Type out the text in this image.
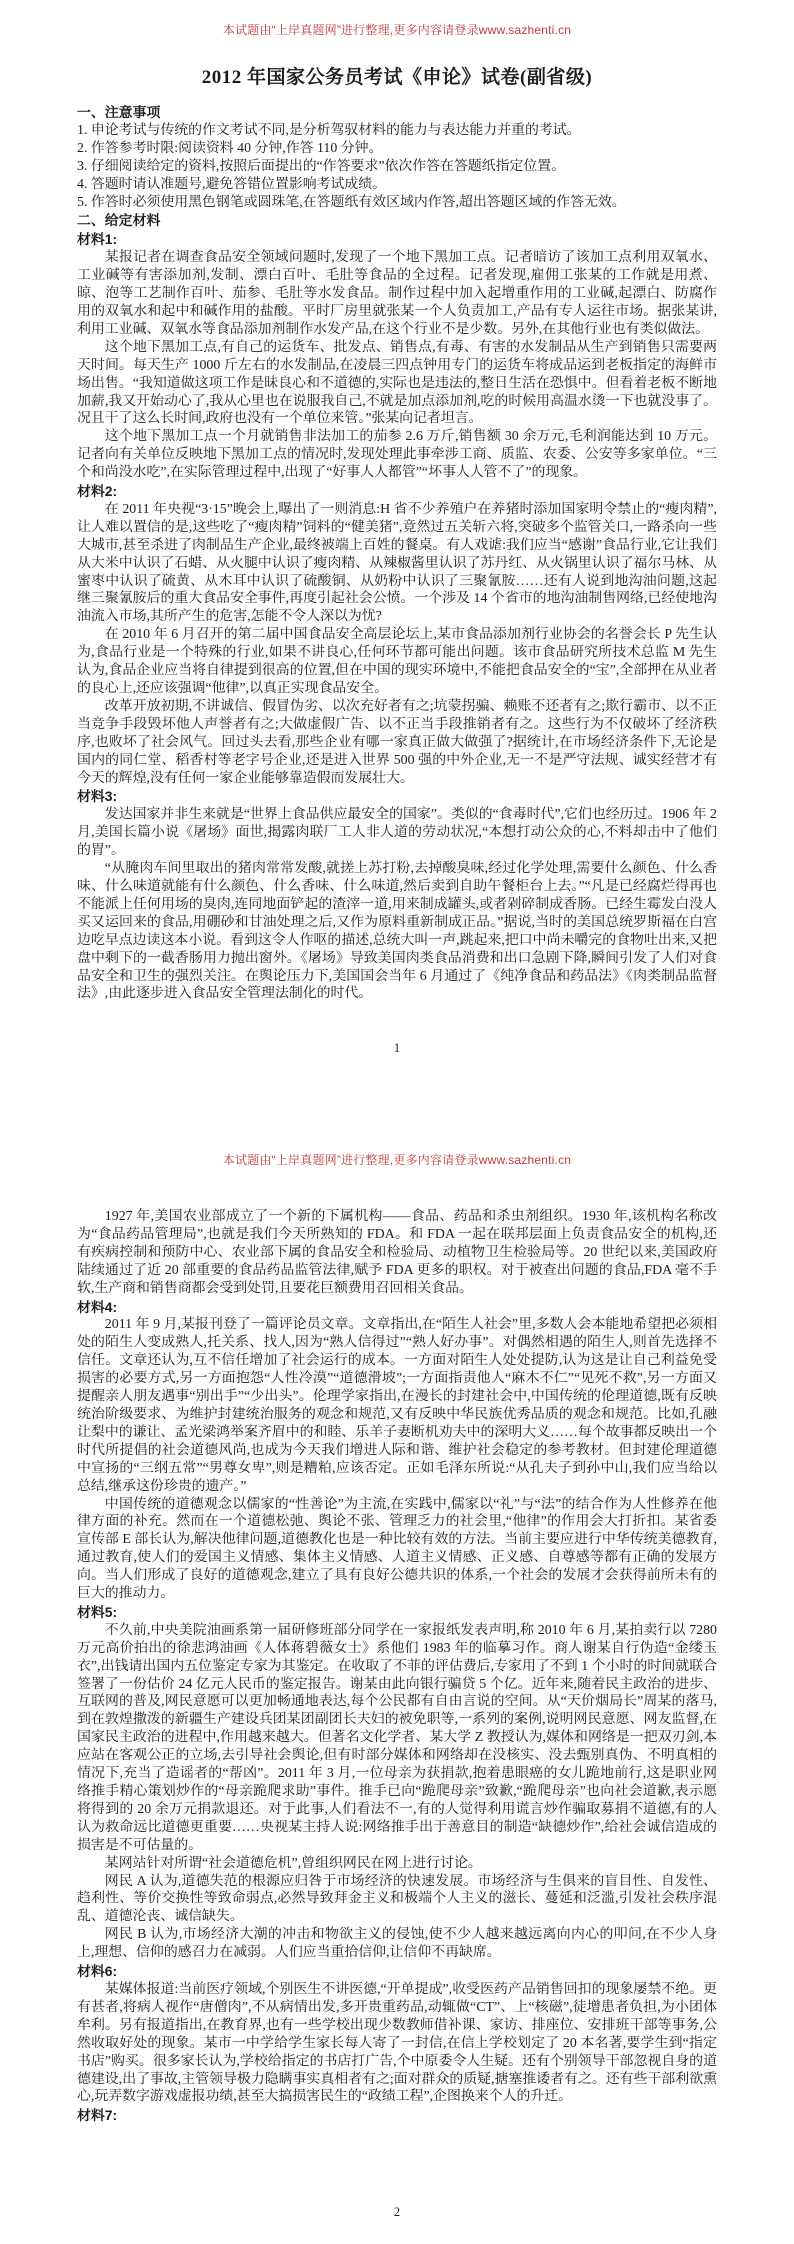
本试题由“上岸真题网”进行整理,更多内容请登录www.sazhenti.cn
2012 年国家公务员考试《申论》试卷(副省级)
一、注意事项

1. 申论考试与传统的作文考试不同,是分析驾驭材料的能力与表达能力并重的考试。

2. 作答参考时限:阅读资料 40 分钟,作答 110 分钟。

3. 仔细阅读给定的资料,按照后面提出的“作答要求”依次作答在答题纸指定位置。

4. 答题时请认准题号,避免答错位置影响考试成绩。

5. 作答时必须使用黑色钢笔或圆珠笔,在答题纸有效区域内作答,超出答题区域的作答无效。

二、给定材料
材料1:

某报记者在调查食品安全领域问题时,发现了一个地下黑加工点。记者暗访了该加工点利用双氧水、工业碱等有害添加剂,发制、漂白百叶、毛肚等食品的全过程。记者发现,雇佣工张某的工作就是用煮、晾、泡等工艺制作百叶、茄参、毛肚等水发食品。制作过程中加入起增重作用的工业碱,起漂白、防腐作用的双氧水和起中和碱作用的盐酸。平时厂房里就张某一个人负责加工,产品有专人运往市场。据张某讲,利用工业碱、双氧水等食品添加剂制作水发产品,在这个行业不是少数。另外,在其他行业也有类似做法。

这个地下黑加工点,有自己的运货车、批发点、销售点,有毒、有害的水发制品从生产到销售只需要两天时间。每天生产 1000 斤左右的水发制品,在凌晨三四点钟用专门的运货车将成品运到老板指定的海鲜市场出售。“我知道做这项工作是昧良心和不道德的,实际也是违法的,整日生活在恐惧中。但看着老板不断地加薪,我又开始动心了,我从心里也在说服我自己,不就是加点添加剂,吃的时候用高温水烫一下也就没事了。况且干了这么长时间,政府也没有一个单位来管。”张某向记者坦言。

这个地下黑加工点一个月就销售非法加工的茄参 2.6 万斤,销售额 30 余万元,毛利润能达到 10 万元。记者向有关单位反映地下黑加工点的情况时,发现处理此事牵涉工商、质监、农委、公安等多家单位。“三个和尚没水吃”,在实际管理过程中,出现了“好事人人都管”“坏事人人管不了”的现象。

材料2:

在 2011 年央视“3·15”晚会上,曝出了一则消息:H 省不少养殖户在养猪时添加国家明令禁止的“瘦肉精”,让人难以置信的是,这些吃了“瘦肉精”饲料的“健美猪”,竟然过五关斩六将,突破多个监管关口,一路杀向一些大城市,甚至杀进了肉制品生产企业,最终被端上百姓的餐桌。有人戏谑:我们应当“感谢”食品行业,它让我们从大米中认识了石蜡、从火腿中认识了瘦肉精、从辣椒酱里认识了苏丹红、从火锅里认识了福尔马林、从蜜枣中认识了硫黄、从木耳中认识了硫酸铜、从奶粉中认识了三聚氰胺……还有人说到地沟油问题,这起继三聚氰胺后的重大食品安全事件,再度引起社会公愤。一个涉及 14 个省市的地沟油制售网络,已经使地沟油流入市场,其所产生的危害,怎能不令人深以为忧?

在 2010 年 6 月召开的第二届中国食品安全高层论坛上,某市食品添加剂行业协会的名誉会长 P 先生认为,食品行业是一个特殊的行业,如果不讲良心,任何环节都可能出问题。该市食品研究所技术总监 M 先生认为,食品企业应当将自律提到很高的位置,但在中国的现实环境中,不能把食品安全的“宝”,全部押在从业者的良心上,还应该强调“他律”,以真正实现食品安全。

改革开放初期,不讲诚信、假冒伪劣、以次充好者有之;坑蒙拐骗、赖账不还者有之;欺行霸市、以不正当竞争手段毁坏他人声誉者有之;大做虚假广告、以不正当手段推销者有之。这些行为不仅破坏了经济秩序,也败坏了社会风气。回过头去看,那些企业有哪一家真正做大做强了?据统计,在市场经济条件下,无论是国内的同仁堂、稻香村等老字号企业,还是进入世界 500 强的中外企业,无一不是严守法规、诚实经营才有今天的辉煌,没有任何一家企业能够靠造假而发展壮大。

材料3:

发达国家并非生来就是“世界上食品供应最安全的国家”。类似的“食毒时代”,它们也经历过。1906 年 2 月,美国长篇小说《屠场》面世,揭露肉联厂工人非人道的劳动状况,“本想打动公众的心,不料却击中了他们的胃”。

“从腌肉车间里取出的猪肉常常发酸,就搓上苏打粉,去掉酸臭味,经过化学处理,需要什么颜色、什么香味、什么味道就能有什么颜色、什么香味、什么味道,然后卖到自助午餐柜台上去。”“凡是已经腐烂得再也不能派上任何用场的臭肉,连同地面铲起的渣滓一道,用来制成罐头,或者剁碎制成香肠。已经生霉发白没人买又运回来的食品,用硼砂和甘油处理之后,又作为原料重新制成正品。”据说,当时的美国总统罗斯福在白宫边吃早点边读这本小说。看到这令人作呕的描述,总统大叫一声,跳起来,把口中尚未嚼完的食物吐出来,又把盘中剩下的一截香肠用力抛出窗外。《屠场》导致美国肉类食品消费和出口急剧下降,瞬间引发了人们对食品安全和卫生的强烈关注。在舆论压力下,美国国会当年 6 月通过了《纯净食品和药品法》《肉类制品监督法》,由此逐步进入食品安全管理法制化的时代。

1
本试题由“上岸真题网”进行整理,更多内容请登录www.sazhenti.cn

1927 年,美国农业部成立了一个新的下属机构——食品、药品和杀虫剂组织。1930 年,该机构名称改为“食品药品管理局”,也就是我们今天所熟知的 FDA。和 FDA 一起在联邦层面上负责食品安全的机构,还有疾病控制和预防中心、农业部下属的食品安全和检验局、动植物卫生检验局等。20 世纪以来,美国政府陆续通过了近 20 部重要的食品药品监管法律,赋予 FDA 更多的职权。对于被查出问题的食品,FDA 毫不手软,生产商和销售商都会受到处罚,且要花巨额费用召回相关食品。

材料4:

2011 年 9 月,某报刊登了一篇评论员文章。文章指出,在“陌生人社会”里,多数人会本能地希望把必须相处的陌生人变成熟人,托关系、找人,因为“熟人信得过”“熟人好办事”。对偶然相遇的陌生人,则首先选择不信任。文章还认为,互不信任增加了社会运行的成本。一方面对陌生人处处提防,认为这是让自己利益免受损害的必要方式,另一方面抱怨“人性冷漠”“道德滑坡”;一方面指责他人“麻木不仁”“见死不救”,另一方面又提醒亲人朋友遇事“别出手”“少出头”。伦理学家指出,在漫长的封建社会中,中国传统的伦理道德,既有反映统治阶级要求、为维护封建统治服务的观念和规范,又有反映中华民族优秀品质的观念和规范。比如,孔融让梨中的谦让、孟光梁鸿举案齐眉中的和睦、乐羊子妻断机劝夫中的深明大义……每个故事都反映出一个时代所提倡的社会道德风尚,也成为今天我们增进人际和谐、维护社会稳定的参考教材。但封建伦理道德中宣扬的“三纲五常”“男尊女卑”,则是糟粕,应该否定。正如毛泽东所说:“从孔夫子到孙中山,我们应当给以总结,继承这份珍贵的遗产。”

中国传统的道德观念以儒家的“性善论”为主流,在实践中,儒家以“礼”与“法”的结合作为人性修养在他律方面的补充。然而在一个道德松弛、舆论不张、管理乏力的社会里,“他律”的作用会大打折扣。某省委宣传部 E 部长认为,解决他律问题,道德教化也是一种比较有效的方法。当前主要应进行中华传统美德教育,通过教育,使人们的爱国主义情感、集体主义情感、人道主义情感、正义感、自尊感等都有正确的发展方向。当人们形成了良好的道德观念,建立了具有良好公德共识的体系,一个社会的发展才会获得前所未有的巨大的推动力。

材料5:

不久前,中央美院油画系第一届研修班部分同学在一家报纸发表声明,称 2010 年 6 月,某拍卖行以 7280 万元高价拍出的徐悲鸿油画《人体蒋碧薇女士》系他们 1983 年的临摹习作。商人谢某自行伪造“金缕玉衣”,出钱请出国内五位鉴定专家为其鉴定。在收取了不菲的评估费后,专家用了不到 1 个小时的时间就联合签署了一份估价 24 亿元人民币的鉴定报告。谢某由此向银行骗贷 5 个亿。近年来,随着民主政治的进步、互联网的普及,网民意愿可以更加畅通地表达,每个公民都有自由言说的空间。从“天价烟局长”周某的落马,到在敦煌撒泼的新疆生产建设兵团某团副团长夫妇的被免职等,一系列的案例,说明网民意愿、网友监督,在国家民主政治的进程中,作用越来越大。但著名文化学者、某大学 Z 教授认为,媒体和网络是一把双刃剑,本应站在客观公正的立场,去引导社会舆论,但有时部分媒体和网络却在没核实、没去甄别真伪、不明真相的情况下,充当了造谣者的“帮凶”。2011 年 3 月,一位母亲为获捐款,抱着患眼癌的女儿跪地前行,这是职业网络推手精心策划炒作的“母亲跪爬求助”事件。推手已向“跪爬母亲”致歉,“跪爬母亲”也向社会道歉,表示愿将得到的 20 余万元捐款退还。对于此事,人们看法不一,有的人觉得利用谎言炒作骗取募捐不道德,有的人认为救命远比道德更重要……央视某主持人说:网络推手出于善意目的制造“缺德炒作”,给社会诚信造成的损害是不可估量的。

某网站针对所谓“社会道德危机”,曾组织网民在网上进行讨论。

网民 A 认为,道德失范的根源应归咎于市场经济的快速发展。市场经济与生俱来的盲目性、自发性、趋利性、等价交换性等致命弱点,必然导致拜金主义和极端个人主义的滋长、蔓延和泛滥,引发社会秩序混乱、道德沦丧、诚信缺失。

网民 B 认为,市场经济大潮的冲击和物欲主义的侵蚀,使不少人越来越远离向内心的叩问,在不少人身上,理想、信仰的感召力在减弱。人们应当重拾信仰,让信仰不再缺席。

材料6:

某媒体报道:当前医疗领域,个别医生不讲医德,“开单提成”,收受医药产品销售回扣的现象屡禁不绝。更有甚者,将病人视作“唐僧肉”,不从病情出发,多开贵重药品,动辄做“CT”、上“核磁”,徒增患者负担,为小团体牟利。另有报道指出,在教育界,也有一些学校出现少数教师借补课、家访、排座位、安排班干部等事务,公然收取好处的现象。某市一中学给学生家长每人寄了一封信,在信上学校划定了 20 本名著,要学生到“指定书店”购买。很多家长认为,学校给指定的书店打广告,个中原委令人生疑。还有个别领导干部忽视自身的道德建设,出了事故,主管领导极力隐瞒事实真相者有之;面对群众的质疑,搪塞推诿者有之。还有些干部利欲熏心,玩弄数字游戏虚报功绩,甚至大搞损害民生的“政绩工程”,企图换来个人的升迁。

材料7:
2
